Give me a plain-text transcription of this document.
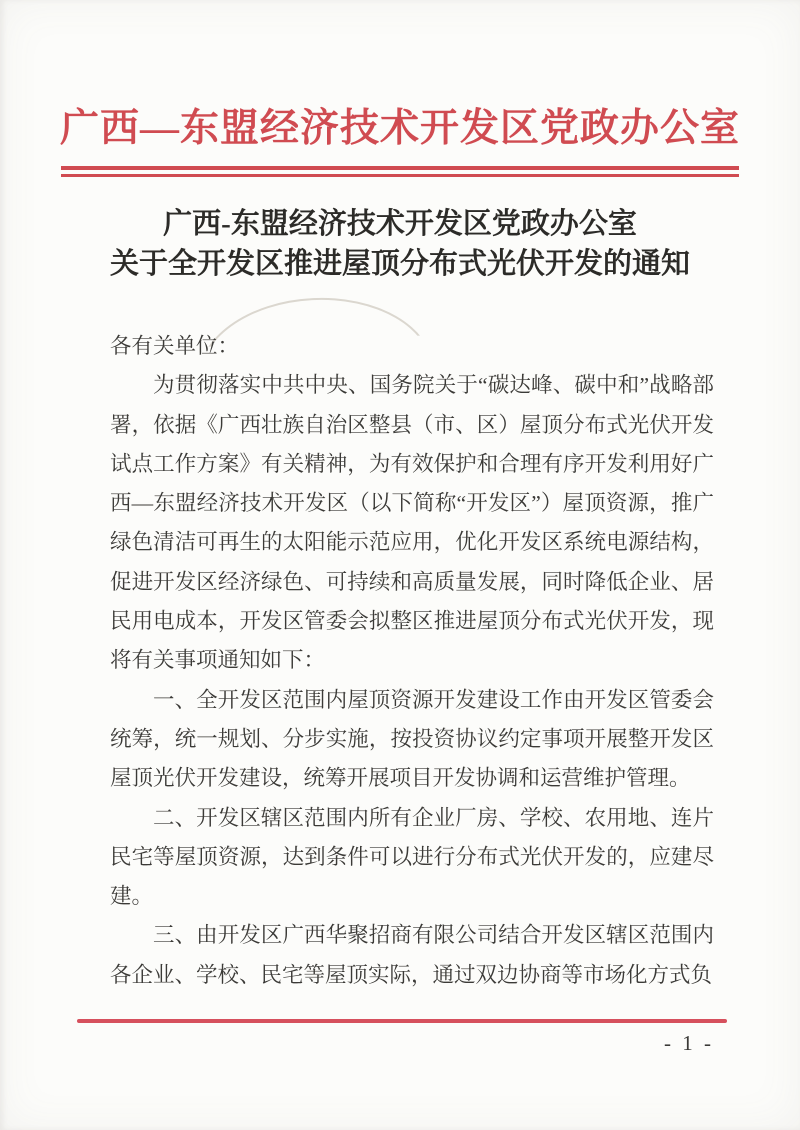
广西—东盟经济技术开发区党政办公室
广西-东盟经济技术开发区党政办公室
关于全开发区推进屋顶分布式光伏开发的通知

各有关单位：

为贯彻落实中共中央、国务院关于“碳达峰、碳中和”战略部署，依据《广西壮族自治区整县（市、区）屋顶分布式光伏开发试点工作方案》有关精神，为有效保护和合理有序开发利用好广西—东盟经济技术开发区（以下简称“开发区”）屋顶资源，推广绿色清洁可再生的太阳能示范应用，优化开发区系统电源结构，促进开发区经济绿色、可持续和高质量发展，同时降低企业、居民用电成本，开发区管委会拟整区推进屋顶分布式光伏开发，现将有关事项通知如下：

一、全开发区范围内屋顶资源开发建设工作由开发区管委会统筹，统一规划、分步实施，按投资协议约定事项开展整开发区屋顶光伏开发建设，统筹开展项目开发协调和运营维护管理。

二、开发区辖区范围内所有企业厂房、学校、农用地、连片民宅等屋顶资源，达到条件可以进行分布式光伏开发的，应建尽建。

三、由开发区广西华聚招商有限公司结合开发区辖区范围内各企业、学校、民宅等屋顶实际，通过双边协商等市场化方式负

- 1 -
